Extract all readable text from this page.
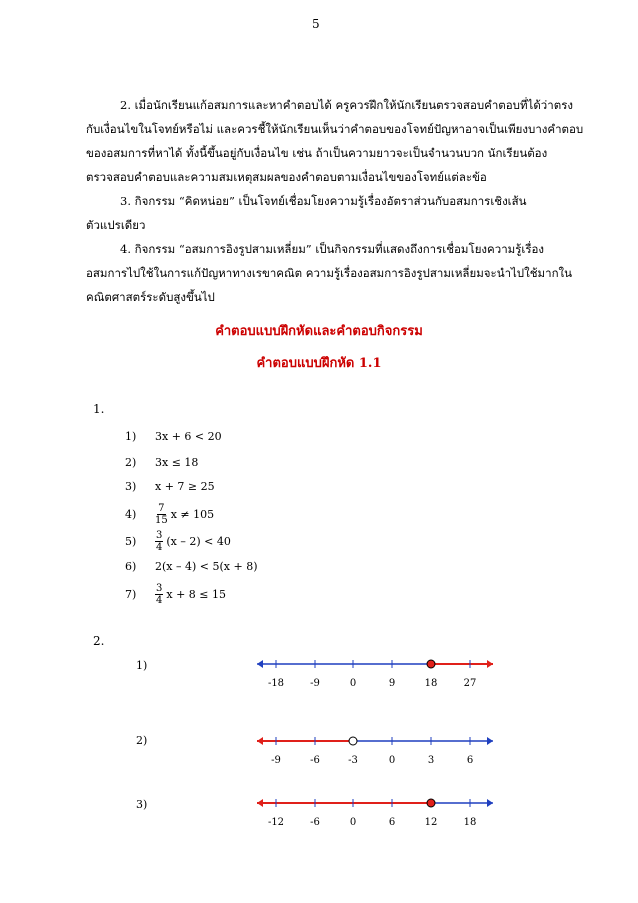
5
2. เมื่อนักเรียนแก้อสมการและหาคำตอบได้ ครูควรฝึกให้นักเรียนตรวจสอบคำตอบที่ได้ว่าตรง
กับเงื่อนไขในโจทย์หรือไม่ และควรชี้ให้นักเรียนเห็นว่าคำตอบของโจทย์ปัญหาอาจเป็นเพียงบางคำตอบ
ของอสมการที่หาได้ ทั้งนี้ขึ้นอยู่กับเงื่อนไข เช่น ถ้าเป็นความยาวจะเป็นจำนวนบวก นักเรียนต้อง
ตรวจสอบคำตอบและความสมเหตุสมผลของคำตอบตามเงื่อนไขของโจทย์แต่ละข้อ
3. กิจกรรม “คิดหน่อย” เป็นโจทย์เชื่อมโยงความรู้เรื่องอัตราส่วนกับอสมการเชิงเส้น
ตัวแปรเดียว
4. กิจกรรม “อสมการอิงรูปสามเหลี่ยม” เป็นกิจกรรมที่แสดงถึงการเชื่อมโยงความรู้เรื่อง
อสมการไปใช้ในการแก้ปัญหาทางเรขาคณิต ความรู้เรื่องอสมการอิงรูปสามเหลี่ยมจะนำไปใช้มากใน
คณิตศาสตร์ระดับสูงขึ้นไป
คำตอบแบบฝึกหัดและคำตอบกิจกรรม
คำตอบแบบฝึกหัด 1.1
1.
1)	3x + 6 < 20
2)	3x ≤ 18
3)	x + 7 ≥ 25
4)	$\frac{7}{15}$ x ≠ 105
5)	$\frac{3}{4} (x - 2) < 40$
6)	2(x – 4) < 5(x + 8)
7)	$\frac{3}{4}$ x + 8 ≤ 15
2.
1)
-18	-9	0	9	18	27
2)
-9	-6	-3	0	3	6
3)
-12	-6	0	6	12	18
